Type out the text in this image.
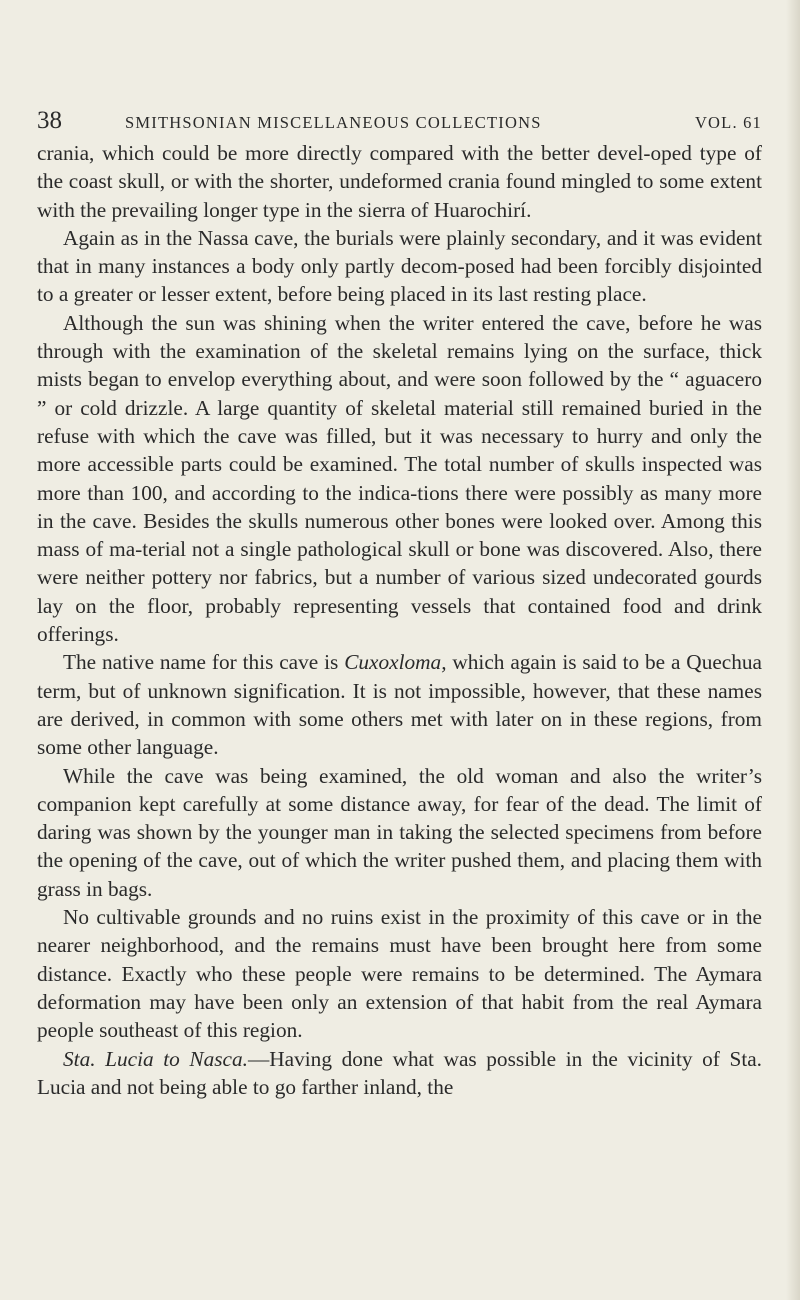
38	SMITHSONIAN MISCELLANEOUS COLLECTIONS	VOL. 61

crania, which could be more directly compared with the better devel-oped type of the coast skull, or with the shorter, undeformed crania found mingled to some extent with the prevailing longer type in the sierra of Huarochirí.

Again as in the Nassa cave, the burials were plainly secondary, and it was evident that in many instances a body only partly decom-posed had been forcibly disjointed to a greater or lesser extent, before being placed in its last resting place.

Although the sun was shining when the writer entered the cave, before he was through with the examination of the skeletal remains lying on the surface, thick mists began to envelop everything about, and were soon followed by the “ aguacero ” or cold drizzle. A large quantity of skeletal material still remained buried in the refuse with which the cave was filled, but it was necessary to hurry and only the more accessible parts could be examined. The total number of skulls inspected was more than 100, and according to the indica-tions there were possibly as many more in the cave. Besides the skulls numerous other bones were looked over. Among this mass of ma-terial not a single pathological skull or bone was discovered. Also, there were neither pottery nor fabrics, but a number of various sized undecorated gourds lay on the floor, probably representing vessels that contained food and drink offerings.

The native name for this cave is Cuxoxloma, which again is said to be a Quechua term, but of unknown signification. It is not impossible, however, that these names are derived, in common with some others met with later on in these regions, from some other language.

While the cave was being examined, the old woman and also the writer’s companion kept carefully at some distance away, for fear of the dead. The limit of daring was shown by the younger man in taking the selected specimens from before the opening of the cave, out of which the writer pushed them, and placing them with grass in bags.

No cultivable grounds and no ruins exist in the proximity of this cave or in the nearer neighborhood, and the remains must have been brought here from some distance. Exactly who these people were remains to be determined. The Aymara deformation may have been only an extension of that habit from the real Aymara people southeast of this region.

Sta. Lucia to Nasca.—Having done what was possible in the vicinity of Sta. Lucia and not being able to go farther inland, the
